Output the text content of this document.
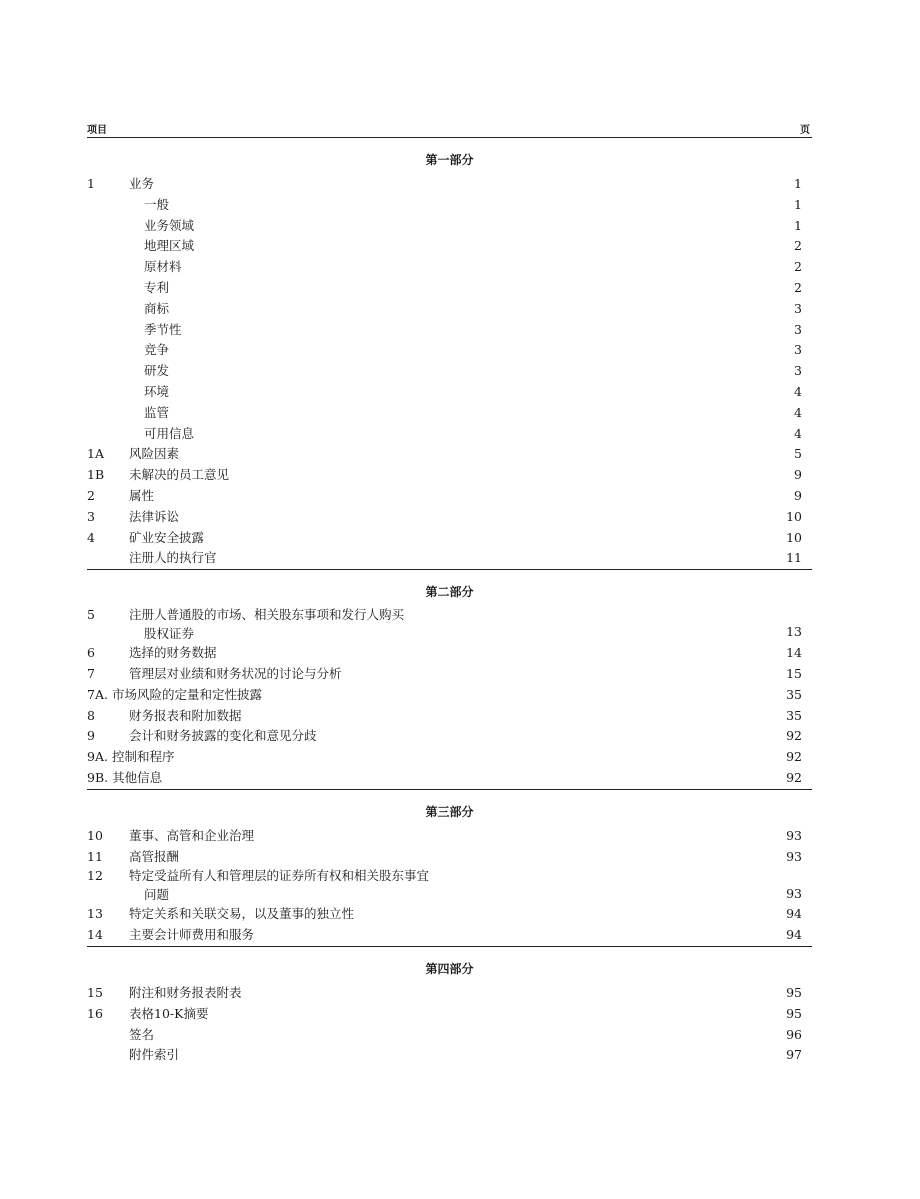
项目	页
第一部分
1	业务	1
一般	1
业务领域	1
地理区域	2
原材料	2
专利	2
商标	3
季节性	3
竞争	3
研发	3
环境	4
监管	4
可用信息	4
1A	风险因素	5
1B	未解决的员工意见	9
2	属性	9
3	法律诉讼	10
4	矿业安全披露	10
注册人的执行官	11
第二部分
5	注册人普通股的市场、相关股东事项和发行人购买
股权证券	13
6	选择的财务数据	14
7	管理层对业绩和财务状况的讨论与分析	15
7A. 市场风险的定量和定性披露	35
8	财务报表和附加数据	35
9	会计和财务披露的变化和意见分歧	92
9A. 控制和程序	92
9B. 其他信息	92
第三部分
10	董事、高管和企业治理	93
11	高管报酬	93
12	特定受益所有人和管理层的证券所有权和相关股东事宜
问题	93
13	特定关系和关联交易，以及董事的独立性	94
14	主要会计师费用和服务	94
第四部分
15	附注和财务报表附表	95
16	表格10-K摘要	95
签名	96
附件索引	97
